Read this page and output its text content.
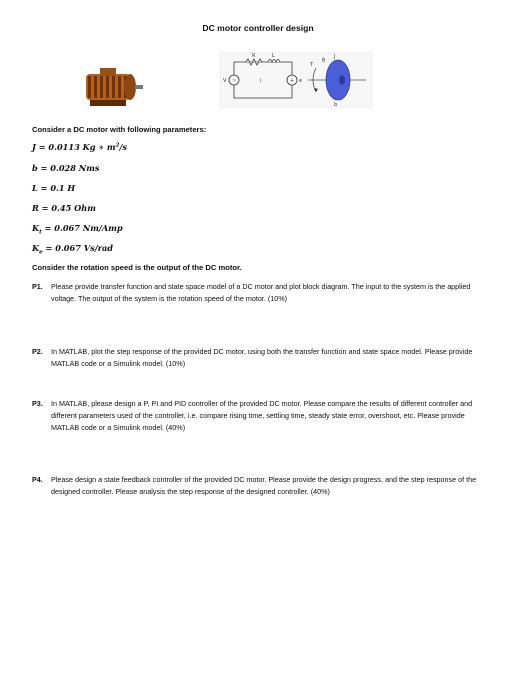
DC motor controller design
~	+
R	L
V	e
i
T
θ̇
J
b
Consider a DC motor with following parameters:
J = 0.0113 Kg ∗ $m^2/s$
b = 0.028 Nms
L = 0.1 H
R = 0.45 Ohm
$K_t = 0.067$ Nm/Amp
$K_e = 0.067$ Vs/rad
Consider the rotation speed is the output of the DC motor.
P1. Please provide transfer function and state space model of a DC motor and plot block diagram. The input to the system is the applied voltage. The output of the system is the rotation speed of the motor. (10%)
P2. In MATLAB, plot the step response of the provided DC motor, using both the transfer function and state space model. Please provide MATLAB code or a Simulink model. (10%)
P3. In MATLAB, please design a P, PI and PID controller of the provided DC motor. Please compare the results of different controller and different parameters used of the controller, i.e. compare rising time, settling time, steady state error, overshoot, etc. Please provide MATLAB code or a Simulink model. (40%)
P4. Please design a state feedback controller of the provided DC motor. Please provide the design progress, and the step response of the designed controller. Please analysis the step response of the designed controller. (40%)
